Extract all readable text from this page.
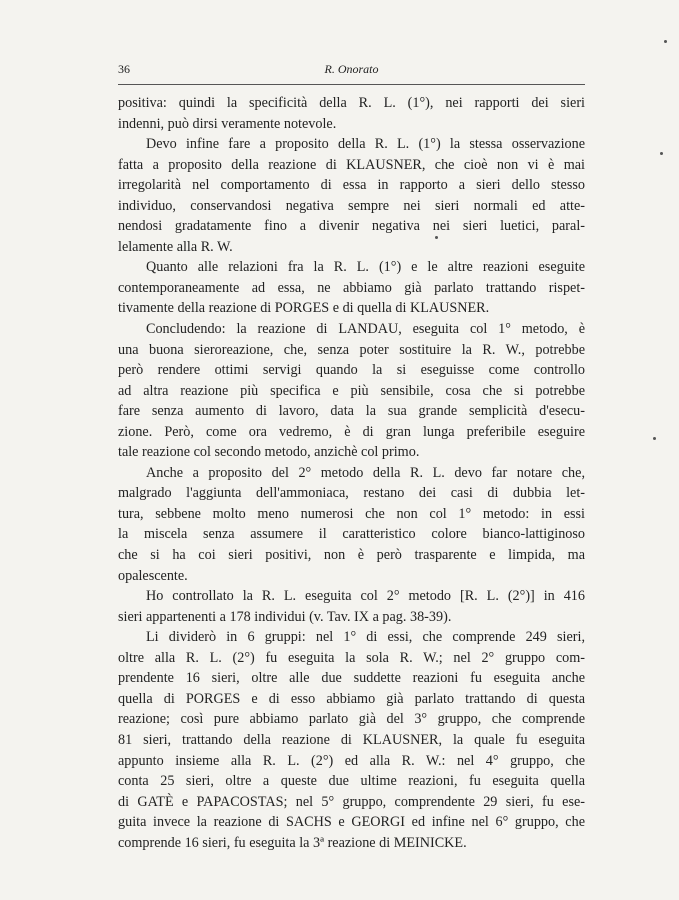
36	R. Onorato
positiva: quindi la specificità della R. L. (1°), nei rapporti dei sieri
indenni, può dirsi veramente notevole.
Devo infine fare a proposito della R. L. (1°) la stessa osservazione
fatta a proposito della reazione di KLAUSNER, che cioè non vi è mai
irregolarità nel comportamento di essa in rapporto a sieri dello stesso
individuo, conservandosi negativa sempre nei sieri normali ed atte-
nendosi gradatamente fino a divenir negativa nei sieri luetici, paral-
lelamente alla R. W.
Quanto alle relazioni fra la R. L. (1°) e le altre reazioni eseguite
contemporaneamente ad essa, ne abbiamo già parlato trattando rispet-
tivamente della reazione di PORGES e di quella di KLAUSNER.
Concludendo: la reazione di LANDAU, eseguita col 1° metodo, è
una buona sieroreazione, che, senza poter sostituire la R. W., potrebbe
però rendere ottimi servigi quando la si eseguisse come controllo
ad altra reazione più specifica e più sensibile, cosa che si potrebbe
fare senza aumento di lavoro, data la sua grande semplicità d'esecu-
zione. Però, come ora vedremo, è di gran lunga preferibile eseguire
tale reazione col secondo metodo, anzichè col primo.
Anche a proposito del 2° metodo della R. L. devo far notare che,
malgrado l'aggiunta dell'ammoniaca, restano dei casi di dubbia let-
tura, sebbene molto meno numerosi che non col 1° metodo: in essi
la miscela senza assumere il caratteristico colore bianco-lattiginoso
che si ha coi sieri positivi, non è però trasparente e limpida, ma
opalescente.
Ho controllato la R. L. eseguita col 2° metodo [R. L. (2°)] in 416
sieri appartenenti a 178 individui (v. Tav. IX a pag. 38-39).
Li dividerò in 6 gruppi: nel 1° di essi, che comprende 249 sieri,
oltre alla R. L. (2°) fu eseguita la sola R. W.; nel 2° gruppo com-
prendente 16 sieri, oltre alle due suddette reazioni fu eseguita anche
quella di PORGES e di esso abbiamo già parlato trattando di questa
reazione; così pure abbiamo parlato già del 3° gruppo, che comprende
81 sieri, trattando della reazione di KLAUSNER, la quale fu eseguita
appunto insieme alla R. L. (2°) ed alla R. W.: nel 4° gruppo, che
conta 25 sieri, oltre a queste due ultime reazioni, fu eseguita quella
di GATÈ e PAPACOSTAS; nel 5° gruppo, comprendente 29 sieri, fu ese-
guita invece la reazione di SACHS e GEORGI ed infine nel 6° gruppo, che
comprende 16 sieri, fu eseguita la 3ª reazione di MEINICKE.
